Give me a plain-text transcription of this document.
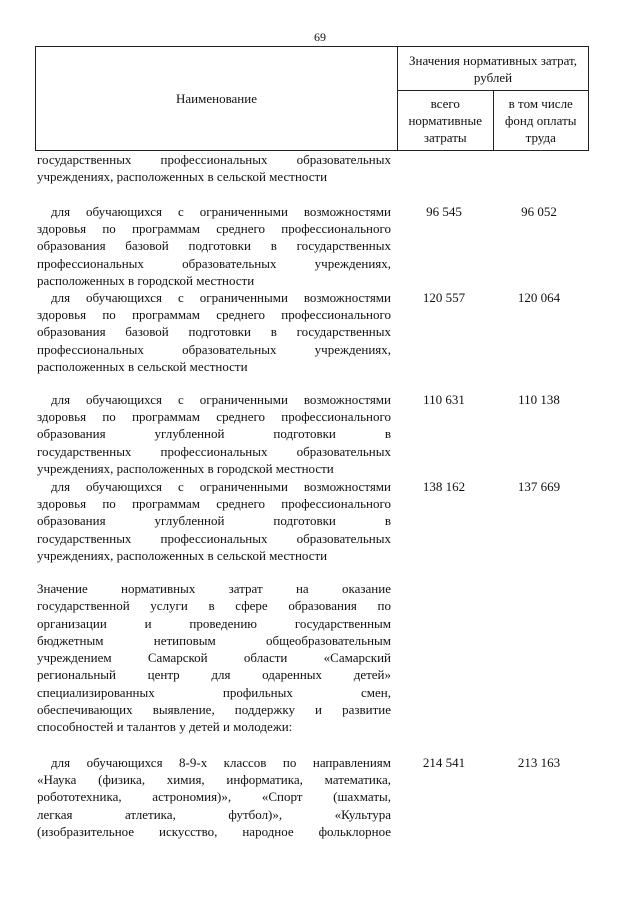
69
Наименование	Значения нормативных затрат, рублей	
	всего нормативные затраты	в том числе фонд оплаты труда
государственных профессиональных образовательных
учреждениях, расположенных в сельской местности
для обучающихся с ограниченными возможностями
здоровья по программам среднего профессионального
образования базовой подготовки в государственных
профессиональных образовательных учреждениях,
расположенных в городской местности
96 545	96 052
для обучающихся с ограниченными возможностями
здоровья по программам среднего профессионального
образования базовой подготовки в государственных
профессиональных образовательных учреждениях,
расположенных в сельской местности
120 557	120 064
для обучающихся с ограниченными возможностями
здоровья по программам среднего профессионального
образования углубленной подготовки в
государственных профессиональных образовательных
учреждениях, расположенных в городской местности
110 631	110 138
для обучающихся с ограниченными возможностями
здоровья по программам среднего профессионального
образования углубленной подготовки в
государственных профессиональных образовательных
учреждениях, расположенных в сельской местности
138 162	137 669
Значение нормативных затрат на оказание
государственной услуги в сфере образования по
организации и проведению государственным
бюджетным нетиповым общеобразовательным
учреждением Самарской области «Самарский
региональный центр для одаренных детей»
специализированных профильных смен,
обеспечивающих выявление, поддержку и развитие
способностей и талантов у детей и молодежи:
для обучающихся 8-9-х классов по направлениям
«Наука (физика, химия, информатика, математика,
робототехника, астрономия)», «Спорт (шахматы,
легкая атлетика, футбол)», «Культура
(изобразительное искусство, народное фольклорное
214 541	213 163
